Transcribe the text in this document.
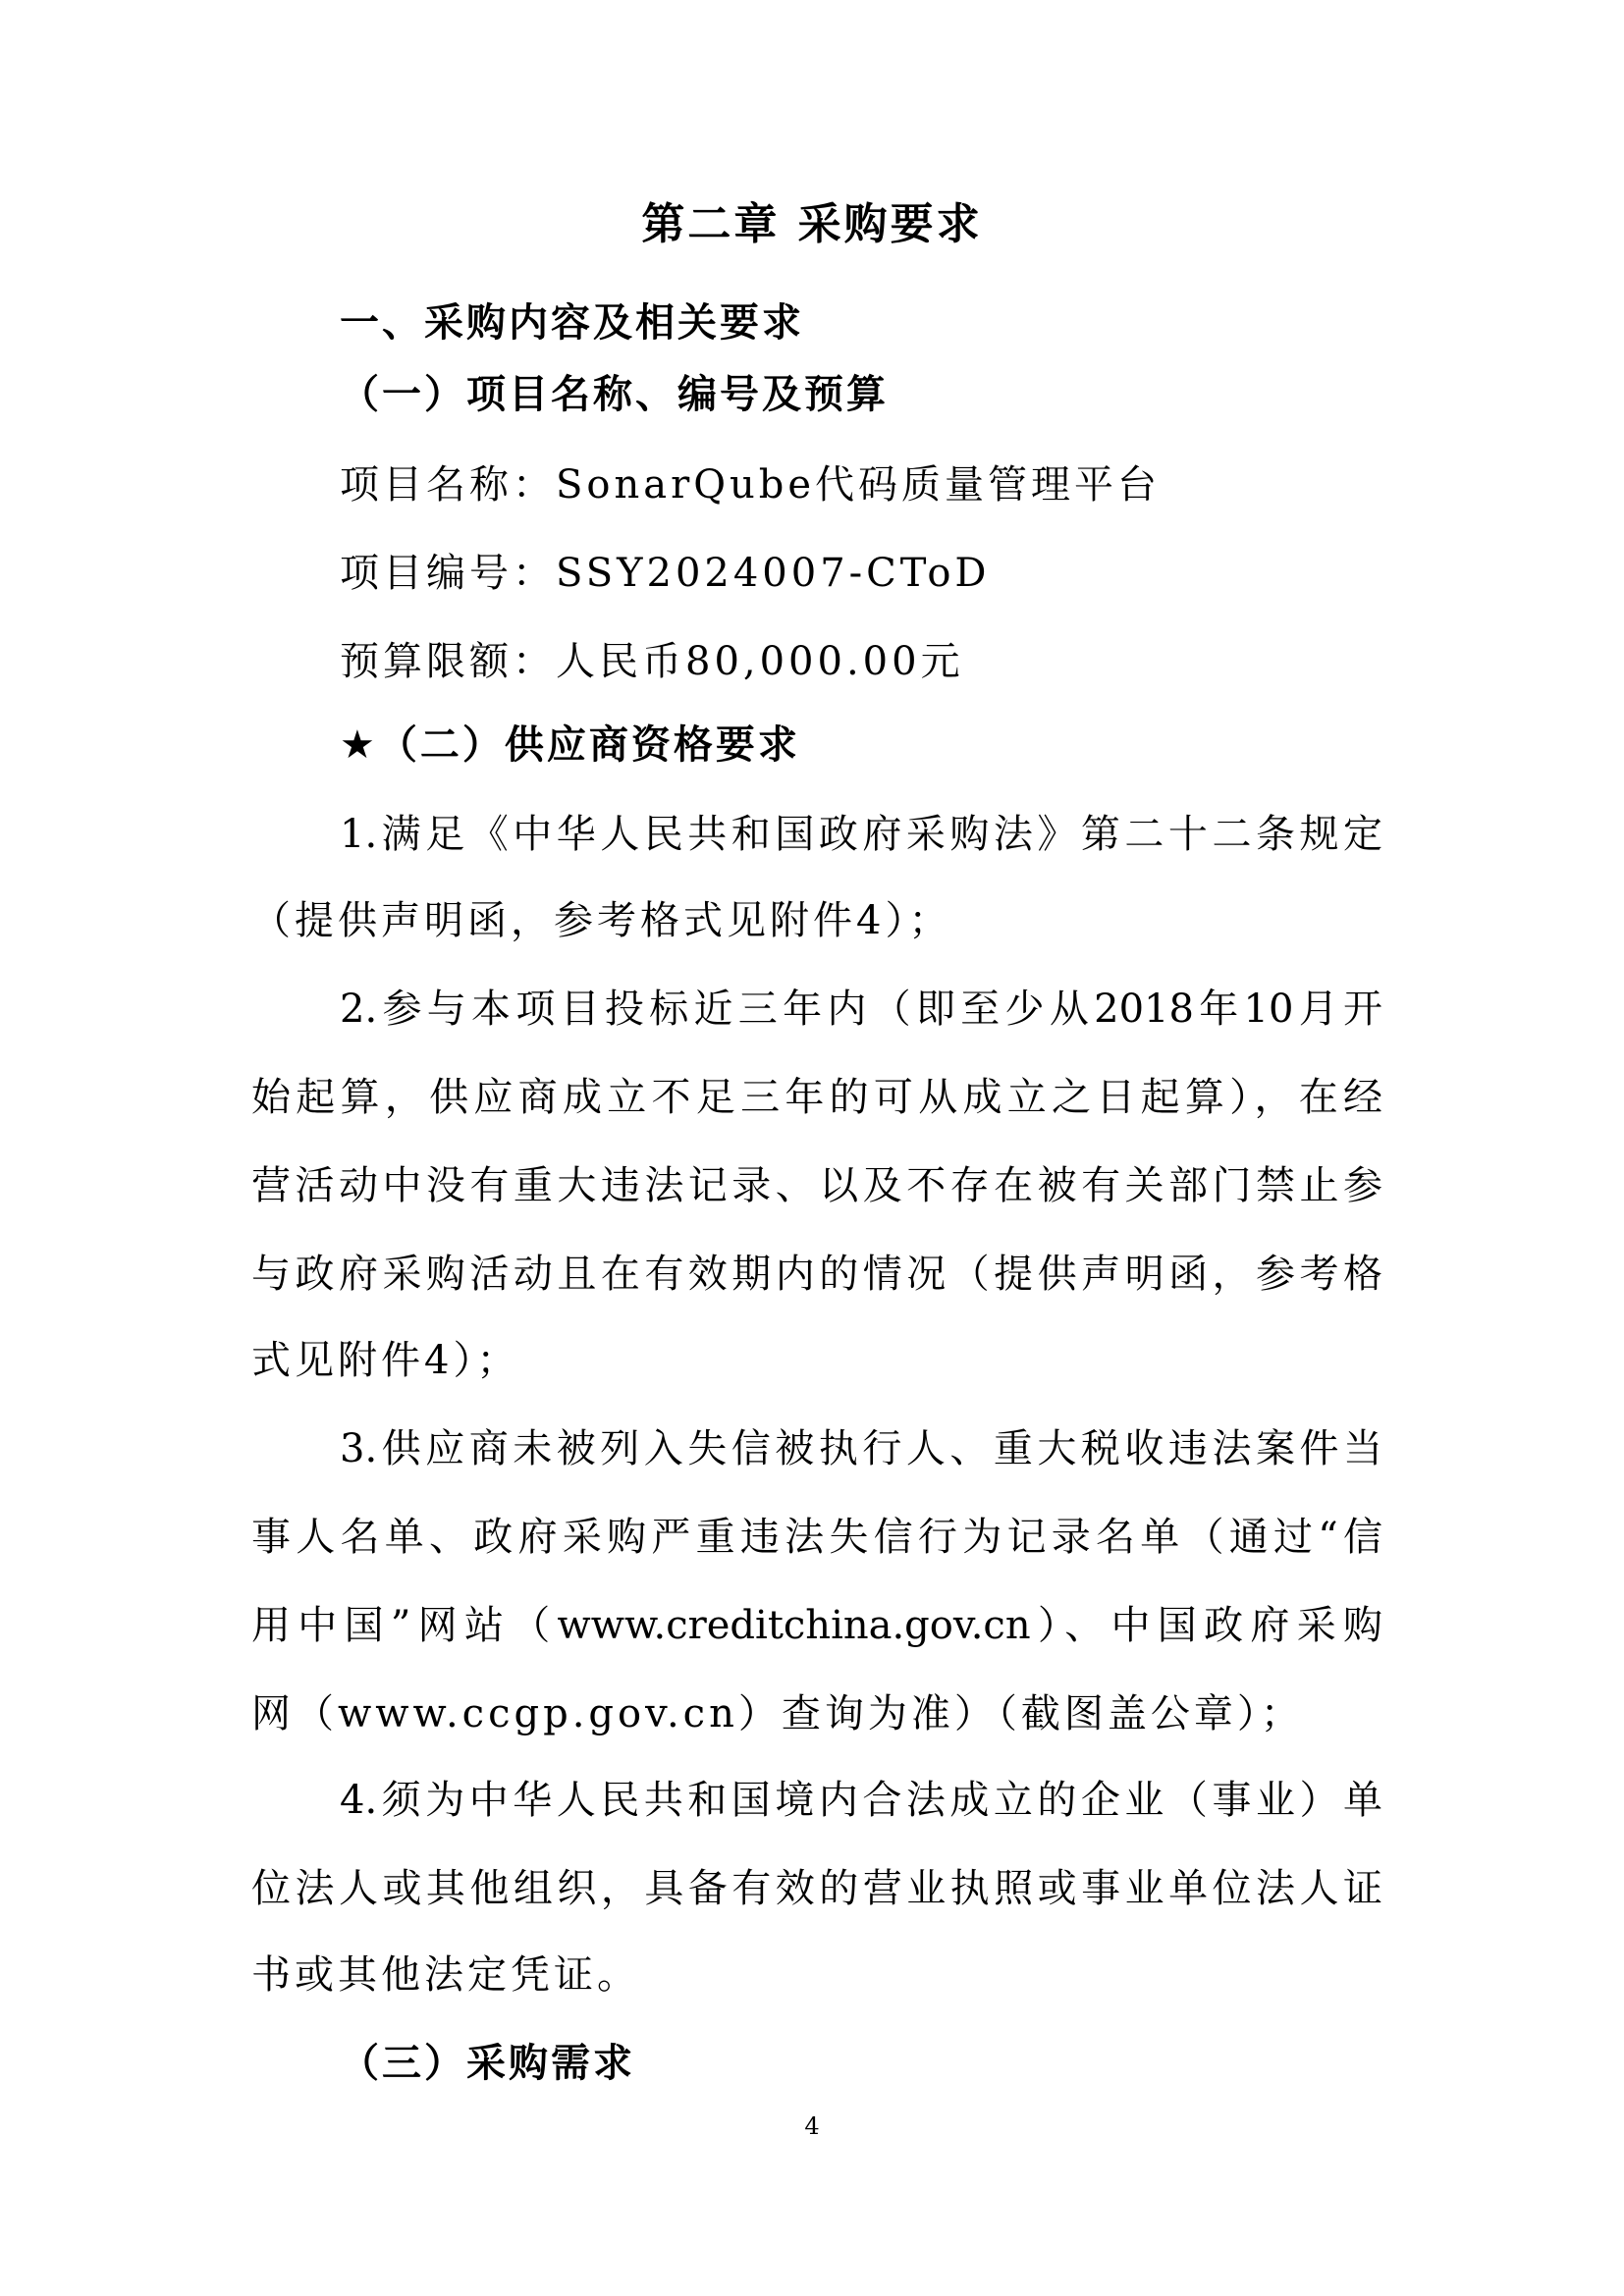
第二章 采购要求
一、采购内容及相关要求
（一）项目名称、编号及预算
项目名称：SonarQube代码质量管理平台
项目编号：SSY2024007-CToD
预算限额：人民币80,000.00元
★（二）供应商资格要求
1.满足《中华人民共和国政府采购法》第二十二条规定
（提供声明函，参考格式见附件4）；
2.参与本项目投标近三年内（即至少从2018年10月开
始起算，供应商成立不足三年的可从成立之日起算），在经
营活动中没有重大违法记录、以及不存在被有关部门禁止参
与政府采购活动且在有效期内的情况（提供声明函，参考格
式见附件4）；
3.供应商未被列入失信被执行人、重大税收违法案件当
事人名单、政府采购严重违法失信行为记录名单（通过“信
用中国”网站（www.creditchina.gov.cn）、中国政府采购
网（www.ccgp.gov.cn）查询为准）（截图盖公章）；
4.须为中华人民共和国境内合法成立的企业（事业）单
位法人或其他组织，具备有效的营业执照或事业单位法人证
书或其他法定凭证。
（三）采购需求
4
